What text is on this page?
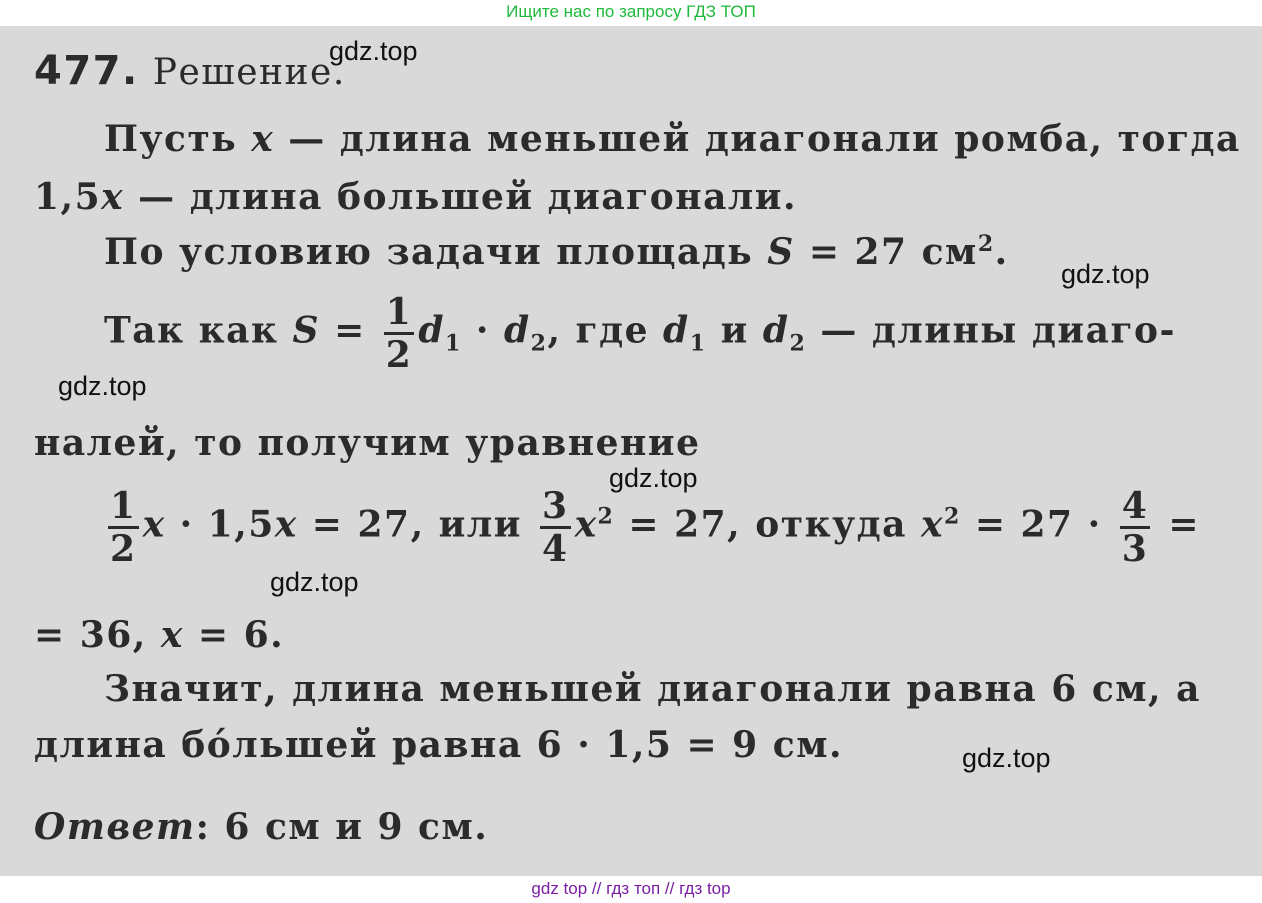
Ищите нас по запросу ГДЗ ТОП
477. Решение.
Пусть x — длина меньшей диагонали ромба, тогда
1,5x — длина большей диагонали.
По условию задачи площадь S = 27 $см^2$.
Так как $S = \frac{1}{2} d_1 \cdot d_2$, где $d_1$ и $d_2$ — длины диаго-
налей, то получим уравнение
$\frac{1}{2}$ x · 1,5x = 27, или $\frac{3}{4} x^2 = 27$, откуда $x^2 = 27 \cdot \frac{4}{3}$ =
= 36, x = 6.
Значит, длина меньшей диагонали равна 6 см, а
длина бóльшей равна 6 · 1,5 = 9 см.
Ответ: 6 см и 9 см.
gdz.top
gdz.top
gdz.top
gdz.top
gdz.top
gdz.top
gdz top // гдз топ // гдз top
